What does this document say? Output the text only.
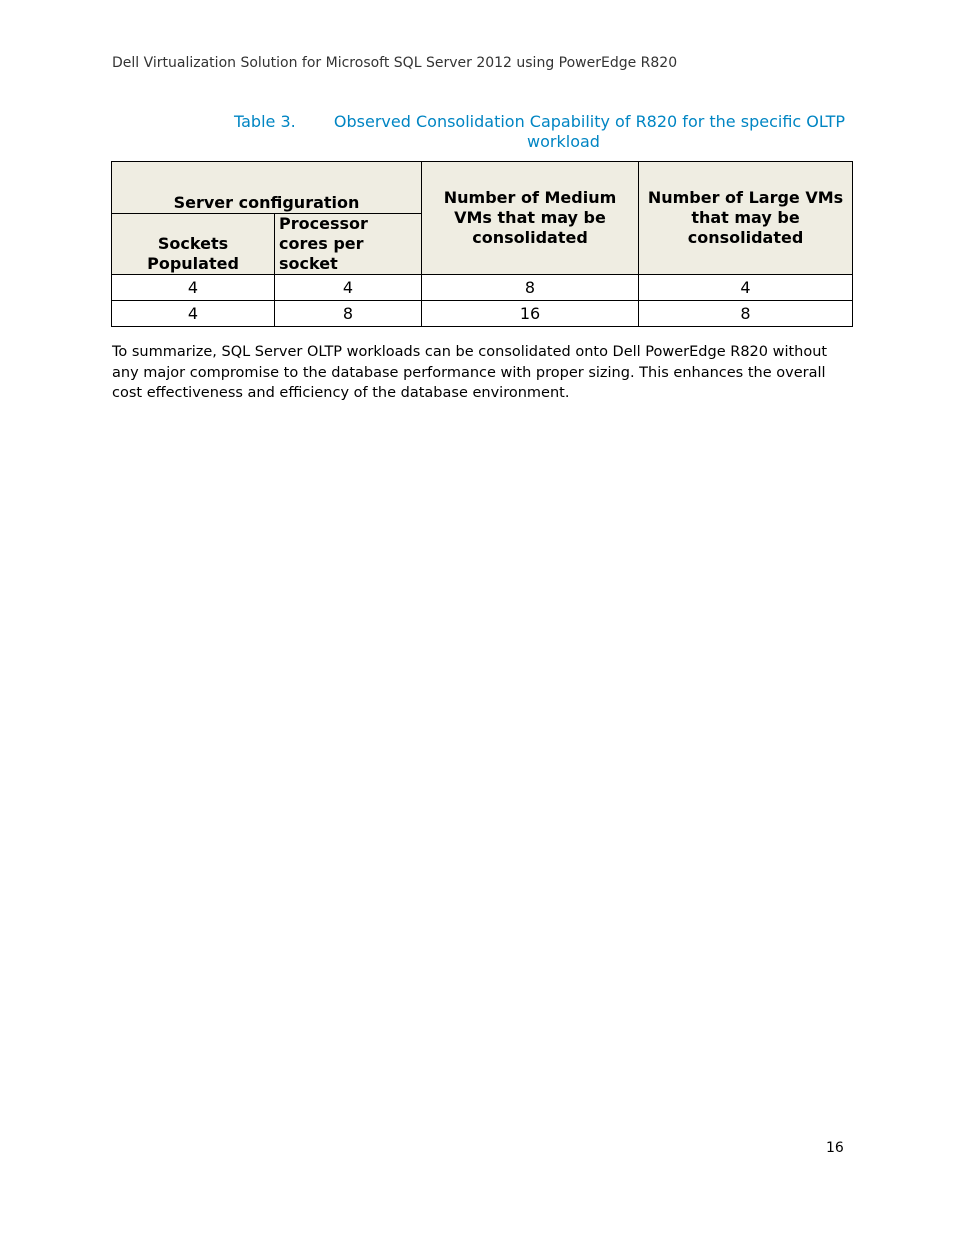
Dell Virtualization Solution for Microsoft SQL Server 2012 using PowerEdge R820
Table 3.	Observed Consolidation Capability of R820 for the specific OLTP
workload
Server configuration		Number of Medium VMs that may be consolidated	Number of Large VMs that may be consolidated
Sockets Populated	Processor cores per socket		
4	4	8	4
4	8	16	8
To summarize, SQL Server OLTP workloads can be consolidated onto Dell PowerEdge R820 without any major compromise to the database performance with proper sizing. This enhances the overall cost effectiveness and efficiency of the database environment.
16
